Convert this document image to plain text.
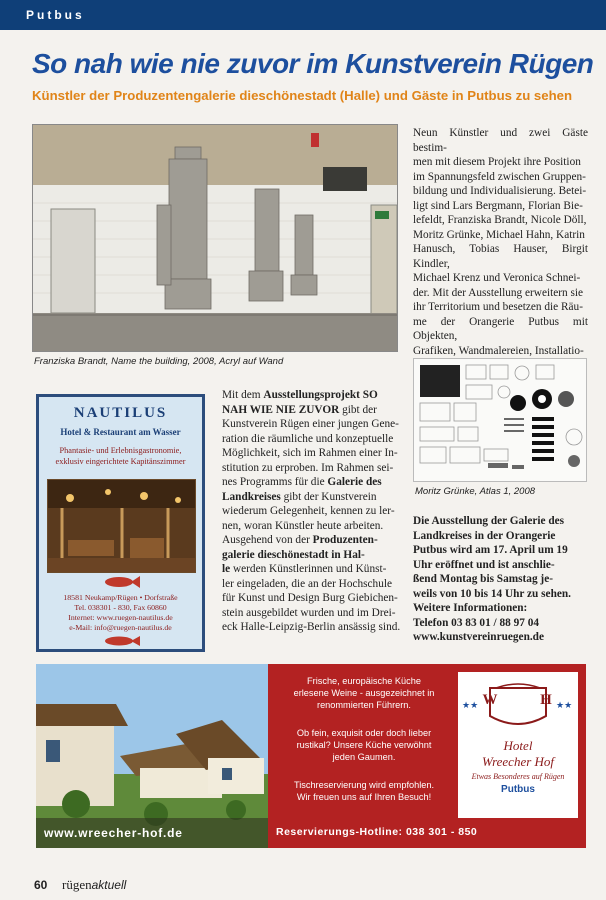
Putbus
So nah wie nie zuvor im Kunstverein Rügen
Künstler der Produzentengalerie dieschönestadt (Halle) und Gäste in Putbus zu sehen
Franziska Brandt, Name the building, 2008, Acryl auf Wand
Neun Künstler und zwei Gäste bestim-
men mit diesem Projekt ihre Position
im Spannungsfeld zwischen Gruppen-
bildung und Individualisierung. Betei-
ligt sind Lars Bergmann, Florian Bie-
lefeldt, Franziska Brandt, Nicole Döll,
Moritz Grünke, Michael Hahn, Katrin
Hanusch, Tobias Hauser, Birgit Kindler,
Michael Krenz und Veronica Schnei-
der. Mit der Ausstellung erweitern sie
ihr Territorium und besetzen die Räu-
me der Orangerie Putbus mit Objekten,
Grafiken, Wandmalereien, Installatio-
Moritz Grünke, Atlas 1, 2008
Mit dem Ausstellungsprojekt SO
NAH WIE NIE ZUVOR gibt der
Kunstverein Rügen einer jungen Gene-
ration die räumliche und konzeptuelle
Möglichkeit, sich im Rahmen einer In-
stitution zu erproben. Im Rahmen sei-
nes Programms für die Galerie des
Landkreises gibt der Kunstverein
wiederum Gelegenheit, kennen zu ler-
nen, woran Künstler heute arbeiten.
Ausgehend von der Produzenten-
galerie dieschönestadt in Hal-
le werden Künstlerinnen und Künst-
ler eingeladen, die an der Hochschule
für Kunst und Design Burg Giebichen-
stein ausgebildet wurden und im Drei-
eck Halle-Leipzig-Berlin ansässig sind.
Die Ausstellung der Galerie des
Landkreises in der Orangerie
Putbus wird am 17. April um 19
Uhr eröffnet und ist anschlie-
ßend Montag bis Samstag je-
weils von 10 bis 14 Uhr zu sehen.
Weitere Informationen:
Telefon 03 83 01 / 88 97 04
www.kunstvereinruegen.de
NAUTILUS
Hotel & Restaurant am Wasser
Phantasie- und Erlebnisgastronomie,
exklusiv eingerichtete Kapitänszimmer
18581 Neukamp/Rügen • Dorfstraße
Tel. 038301 - 830, Fax 60860
Internet: www.ruegen-nautilus.de
e-Mail: info@ruegen-nautilus.de
www.wreecher-hof.de
Frische, europäische Küche
erlesene Weine - ausgezeichnet in
renommierten Führern.
Ob fein, exquisit oder doch lieber
rustikal? Unsere Küche verwöhnt
jeden Gaumen.
Tischreservierung wird empfohlen.
Wir freuen uns auf Ihren Besuch!
Reservierungs-Hotline: 038 301 - 850
W	H
★★	★★
Hotel
Wreecher Hof
Etwas Besonderes auf Rügen
Putbus
60 rügenaktuell
